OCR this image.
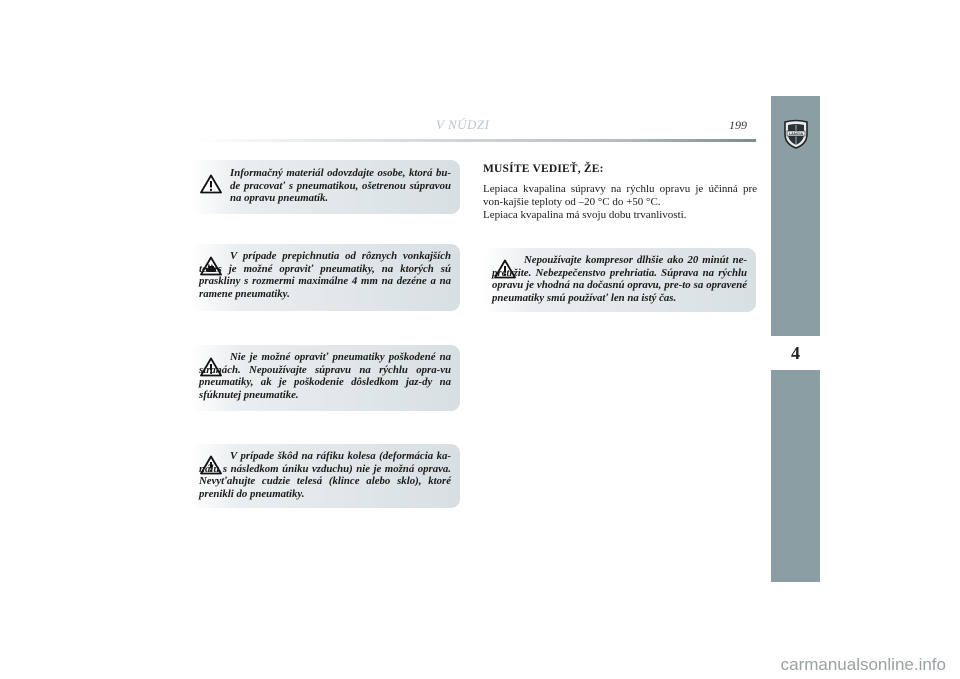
V NÚDZI	199
4
LANCIA
Informačný materiál odovzdajte osobe, ktorá bu-de pracovať s pneumatikou, ošetrenou súpravou na opravu pneumatík.
V prípade prepichnutia od rôznych vonkajších telies je možné opraviť pneumatiky, na ktorých sú praskliny s rozmermi maximálne 4 mm na dezéne a na ramene pneumatiky.
Nie je možné opraviť pneumatiky poškodené na stranách. Nepoužívajte súpravu na rýchlu opra-vu pneumatiky, ak je poškodenie dôsledkom jaz-dy na sfúknutej pneumatike.
V prípade škôd na ráfiku kolesa (deformácia ka-nálu s následkom úniku vzduchu) nie je možná oprava. Nevyťahujte cudzie telesá (klince alebo sklo), ktoré prenikli do pneumatiky.
MUSÍTE VEDIEŤ, ŽE:
Lepiaca kvapalina súpravy na rýchlu opravu je účinná pre von-kajšie teploty od –20 °C do +50 °C.
Lepiaca kvapalina má svoju dobu trvanlivosti.
Nepoužívajte kompresor dlhšie ako 20 minút ne-pretržite. Nebezpečenstvo prehriatia. Súprava na rýchlu opravu je vhodná na dočasnú opravu, pre-to sa opravené pneumatiky smú používať len na istý čas.
carmanualsonline.info
